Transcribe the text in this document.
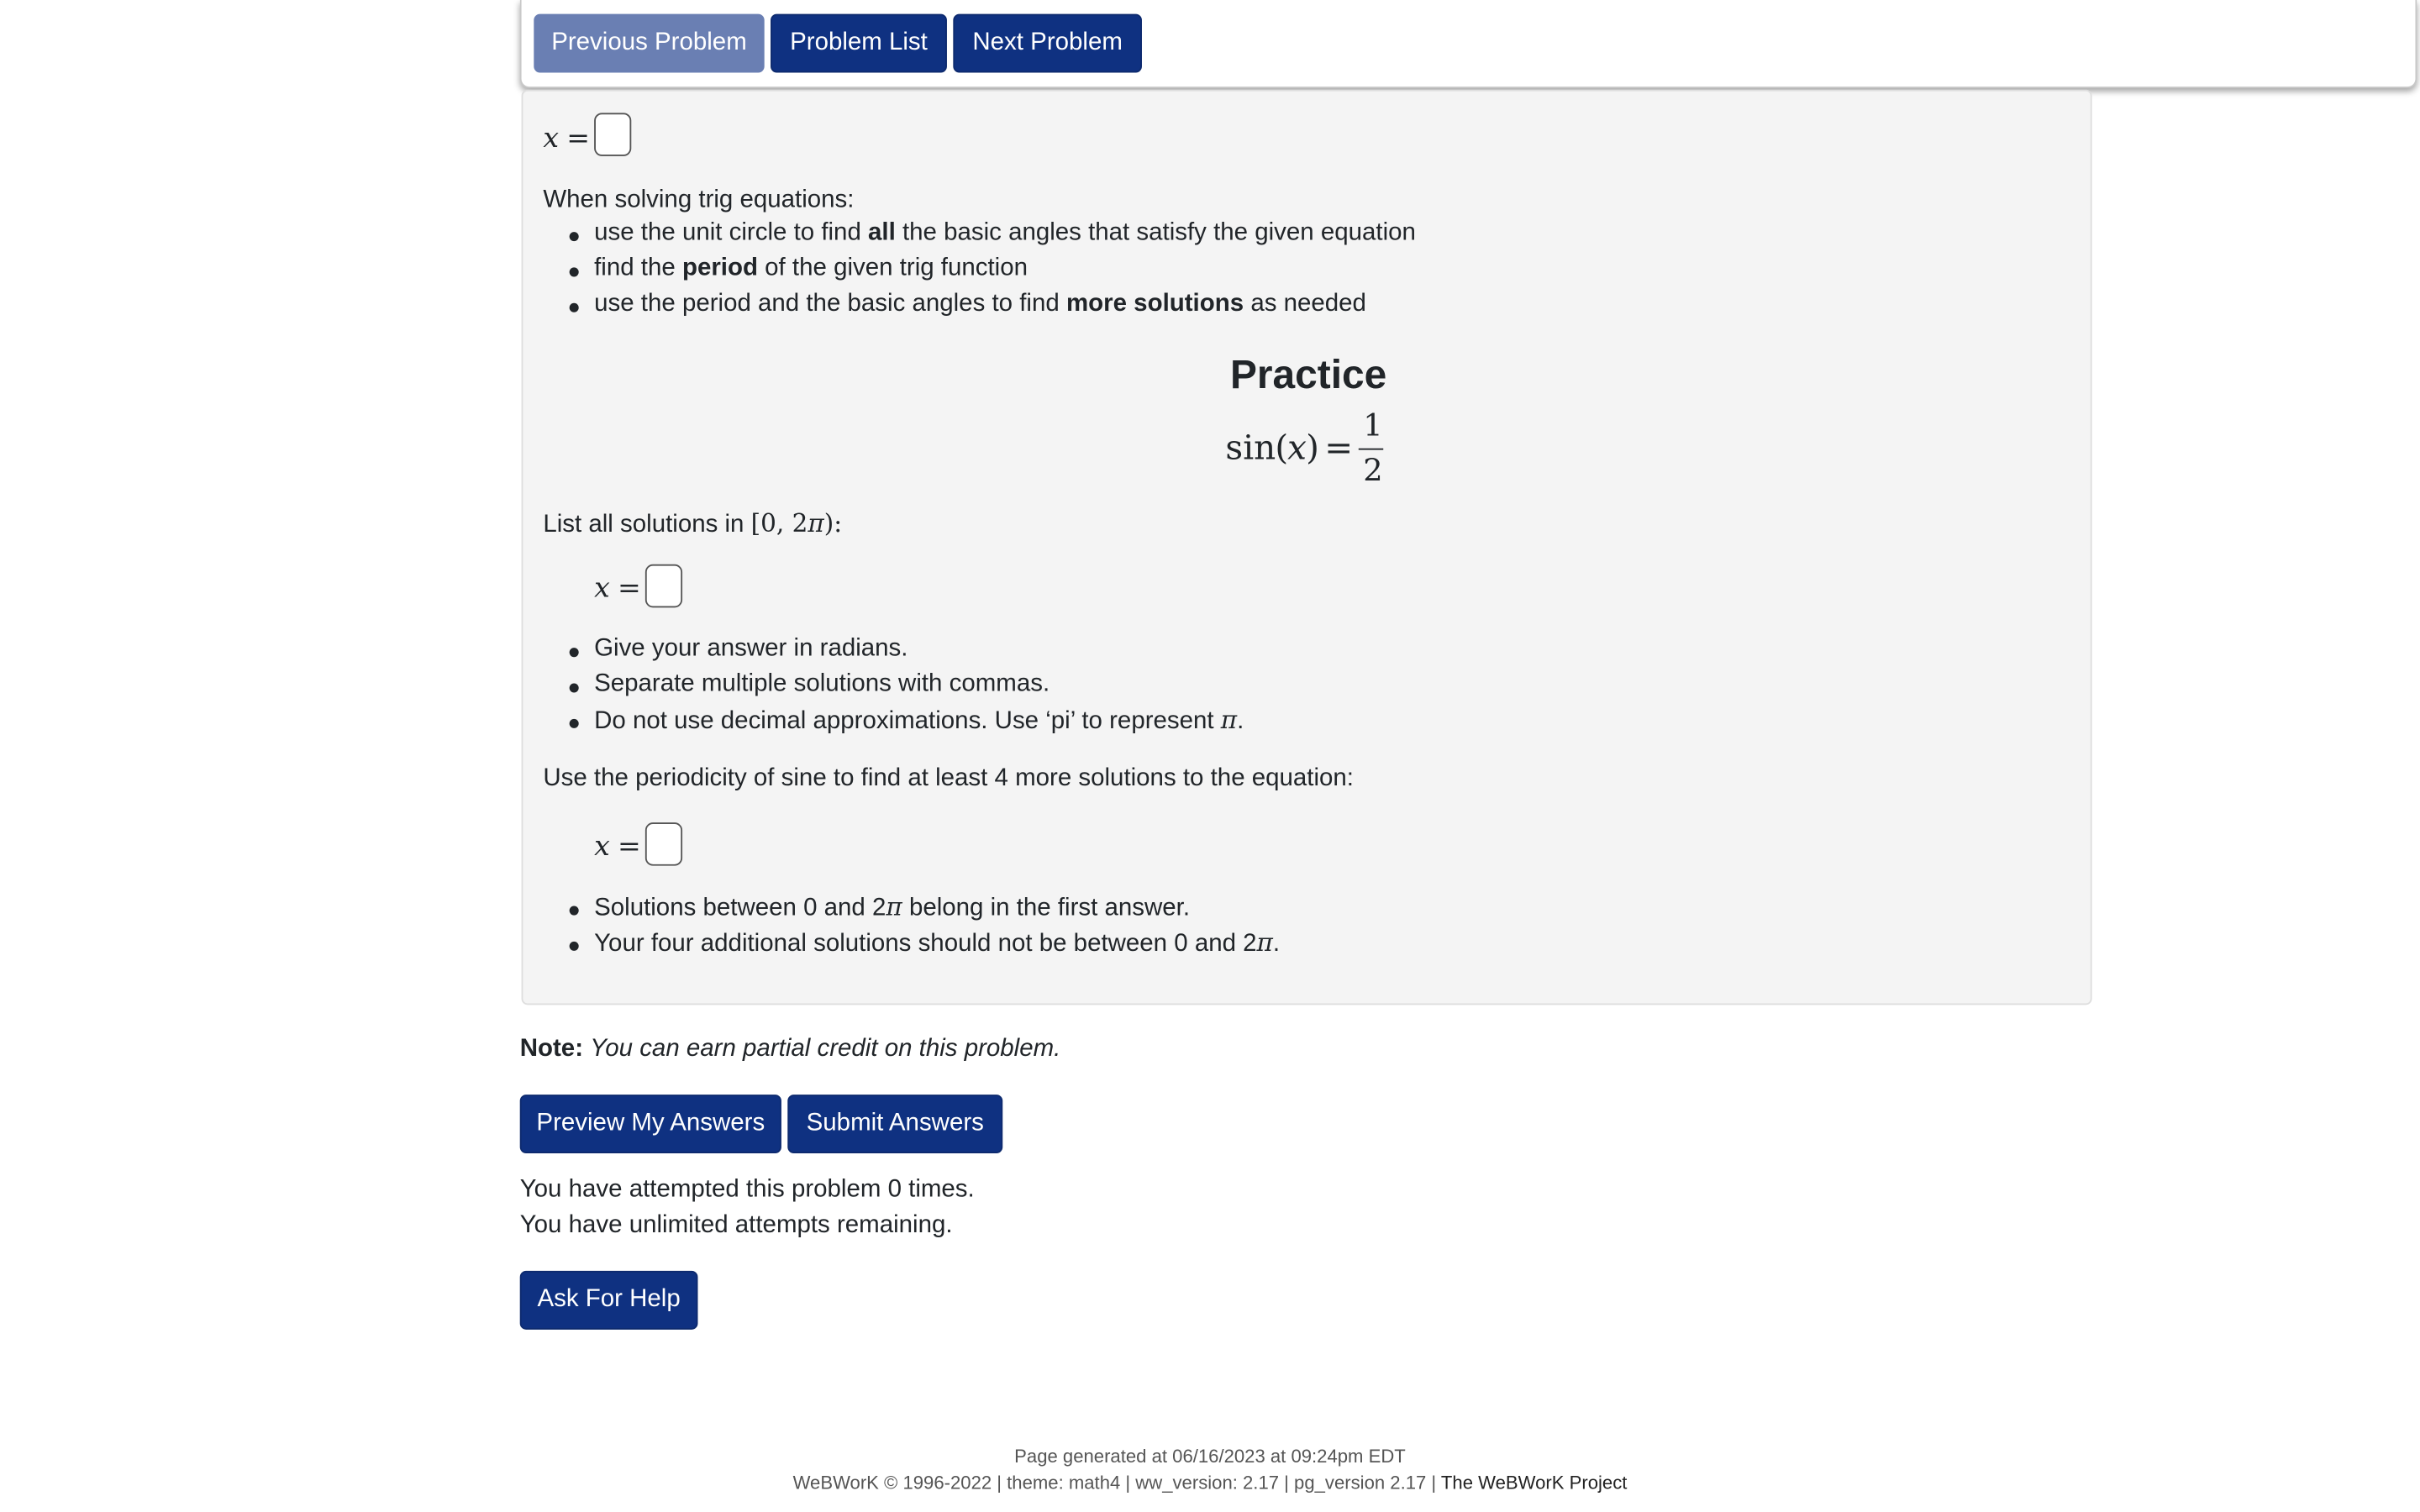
Previous Problem	Problem List	Next Problem
x =
When solving trig equations:
use the unit circle to find all the basic angles that satisfy the given equation
find the period of the given trig function
use the period and the basic angles to find more solutions as needed
Practice
sin (
x ) =
1
2
List all solutions in [0, 2π):
x =
Give your answer in radians.
Separate multiple solutions with commas.
Do not use decimal approximations. Use ‘pi’ to represent π.
Use the periodicity of sine to find at least 4 more solutions to the equation:
x =
Solutions between 0 and 2π belong in the first answer.
Your four additional solutions should not be between 0 and 2π.
Note: You can earn partial credit on this problem.
Preview My Answers	Submit Answers
You have attempted this problem 0 times.
You have unlimited attempts remaining.
Ask For Help
Page generated at 06/16/2023 at 09:24pm EDT
WeBWorK © 1996-2022 | theme: math4 | ww_version: 2.17 | pg_version 2.17 | The WeBWorK Project
